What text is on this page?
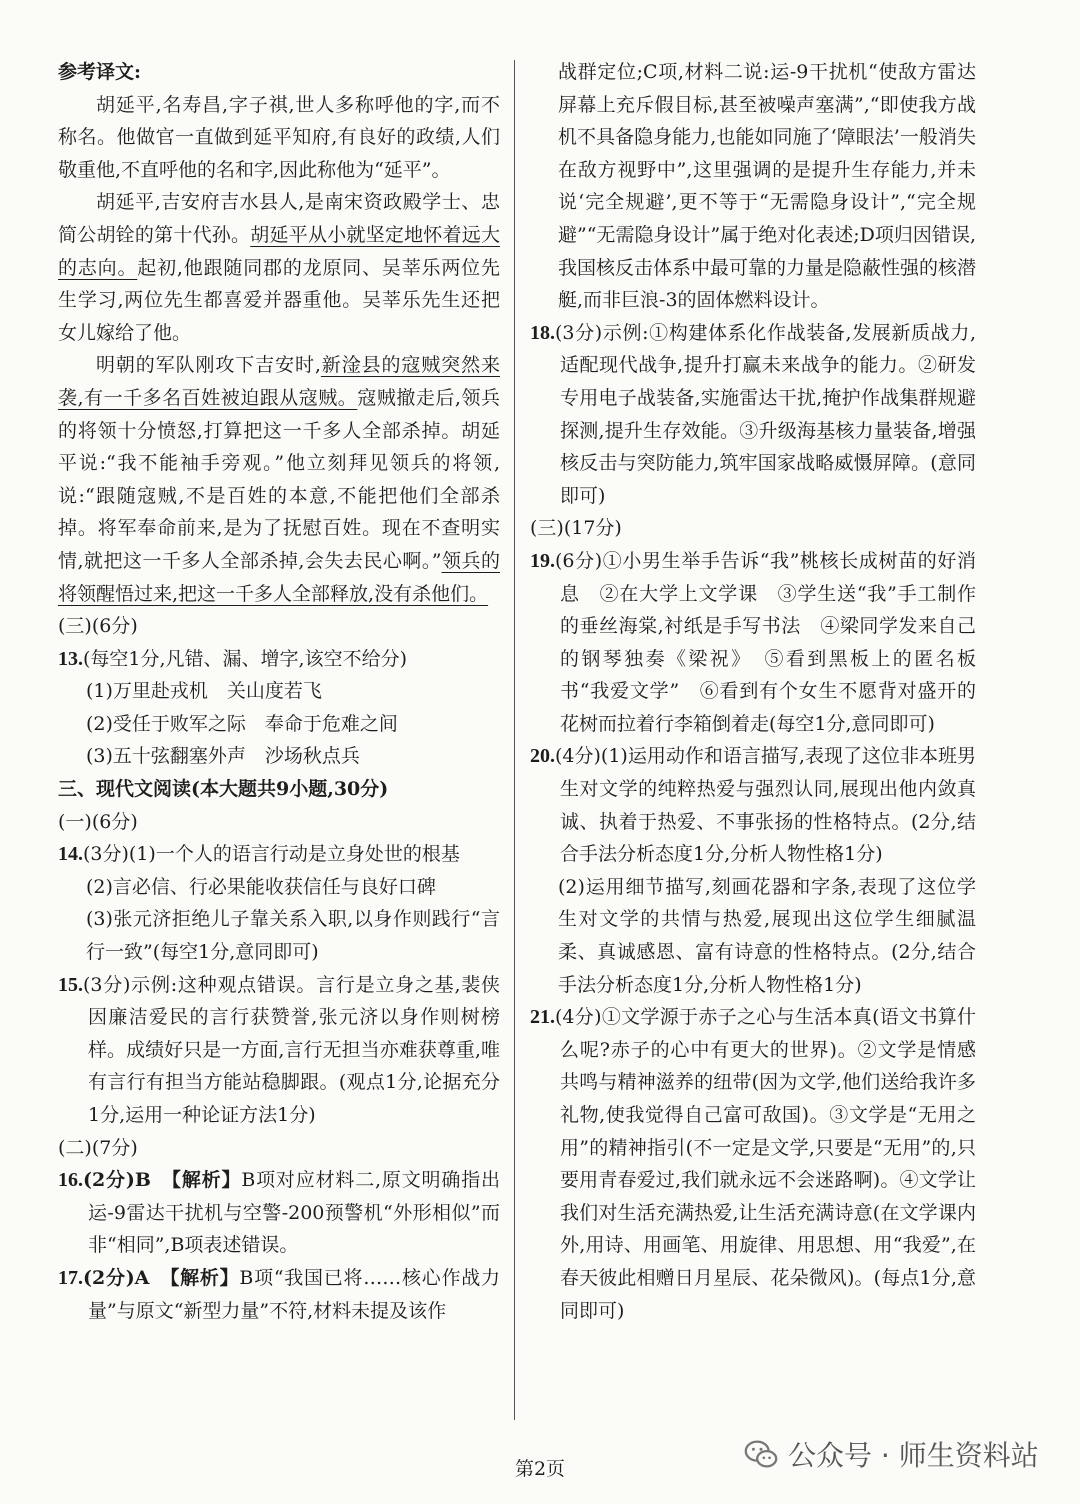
参考译文:

胡延平,名寿昌,字子祺,世人多称呼他的字,而不称名。他做官一直做到延平知府,有良好的政绩,人们敬重他,不直呼他的名和字,因此称他为“延平”。

胡延平,吉安府吉水县人,是南宋资政殿学士、忠简公胡铨的第十代孙。胡延平从小就坚定地怀着远大的志向。起初,他跟随同郡的龙原同、吴莘乐两位先生学习,两位先生都喜爱并器重他。吴莘乐先生还把女儿嫁给了他。

明朝的军队刚攻下吉安时,新淦县的寇贼突然来袭,有一千多名百姓被迫跟从寇贼。寇贼撤走后,领兵的将领十分愤怒,打算把这一千多人全部杀掉。胡延平说:“我不能袖手旁观。”他立刻拜见领兵的将领,说:“跟随寇贼,不是百姓的本意,不能把他们全部杀掉。将军奉命前来,是为了抚慰百姓。现在不查明实情,就把这一千多人全部杀掉,会失去民心啊。”领兵的将领醒悟过来,把这一千多人全部释放,没有杀他们。

(三)(6分)

13.(每空1分,凡错、漏、增字,该空不给分)

(1)万里赴戎机　关山度若飞

(2)受任于败军之际　奉命于危难之间

(3)五十弦翻塞外声　沙场秋点兵

三、现代文阅读(本大题共9小题,30分)

(一)(6分)

14.(3分)(1)一个人的语言行动是立身处世的根基

(2)言必信、行必果能收获信任与良好口碑

(3)张元济拒绝儿子靠关系入职,以身作则践行“言行一致”(每空1分,意同即可)

15.(3分)示例:这种观点错误。言行是立身之基,裴侠因廉洁爱民的言行获赞誉,张元济以身作则树榜样。成绩好只是一方面,言行无担当亦难获尊重,唯有言行有担当方能站稳脚跟。(观点1分,论据充分1分,运用一种论证方法1分)

(二)(7分)

16.(2分)B　【解析】B项对应材料二,原文明确指出运-9雷达干扰机与空警-200预警机“外形相似”而非“相同”,B项表述错误。

17.(2分)A　【解析】B项“我国已将……核心作战力量”与原文“新型力量”不符,材料未提及该作

战群定位;C项,材料二说:运-9干扰机“使敌方雷达屏幕上充斥假目标,甚至被噪声塞满”,“即使我方战机不具备隐身能力,也能如同施了‘障眼法’一般消失在敌方视野中”,这里强调的是提升生存能力,并未说‘完全规避’,更不等于“无需隐身设计”,“完全规避”“无需隐身设计”属于绝对化表述;D项归因错误,我国核反击体系中最可靠的力量是隐蔽性强的核潜艇,而非巨浪-3的固体燃料设计。

18.(3分)示例:①构建体系化作战装备,发展新质战力,适配现代战争,提升打赢未来战争的能力。②研发专用电子战装备,实施雷达干扰,掩护作战集群规避探测,提升生存效能。③升级海基核力量装备,增强核反击与突防能力,筑牢国家战略威慑屏障。(意同即可)

(三)(17分)

19.(6分)①小男生举手告诉“我”桃核长成树苗的好消息　②在大学上文学课　③学生送“我”手工制作的垂丝海棠,衬纸是手写书法　④梁同学发来自己的钢琴独奏《梁祝》　⑤看到黑板上的匿名板书“我爱文学”　⑥看到有个女生不愿背对盛开的花树而拉着行李箱倒着走(每空1分,意同即可)

20.(4分)(1)运用动作和语言描写,表现了这位非本班男生对文学的纯粹热爱与强烈认同,展现出他内敛真诚、执着于热爱、不事张扬的性格特点。(2分,结合手法分析态度1分,分析人物性格1分)

(2)运用细节描写,刻画花器和字条,表现了这位学生对文学的共情与热爱,展现出这位学生细腻温柔、真诚感恩、富有诗意的性格特点。(2分,结合手法分析态度1分,分析人物性格1分)

21.(4分)①文学源于赤子之心与生活本真(语文书算什么呢?赤子的心中有更大的世界)。②文学是情感共鸣与精神滋养的纽带(因为文学,他们送给我许多礼物,使我觉得自己富可敌国)。③文学是“无用之用”的精神指引(不一定是文学,只要是“无用”的,只要用青春爱过,我们就永远不会迷路啊)。④文学让我们对生活充满热爱,让生活充满诗意(在文学课内外,用诗、用画笔、用旋律、用思想、用“我爱”,在春天彼此相赠日月星辰、花朵微风)。(每点1分,意同即可)

第2页	公众号 · 师生资料站
